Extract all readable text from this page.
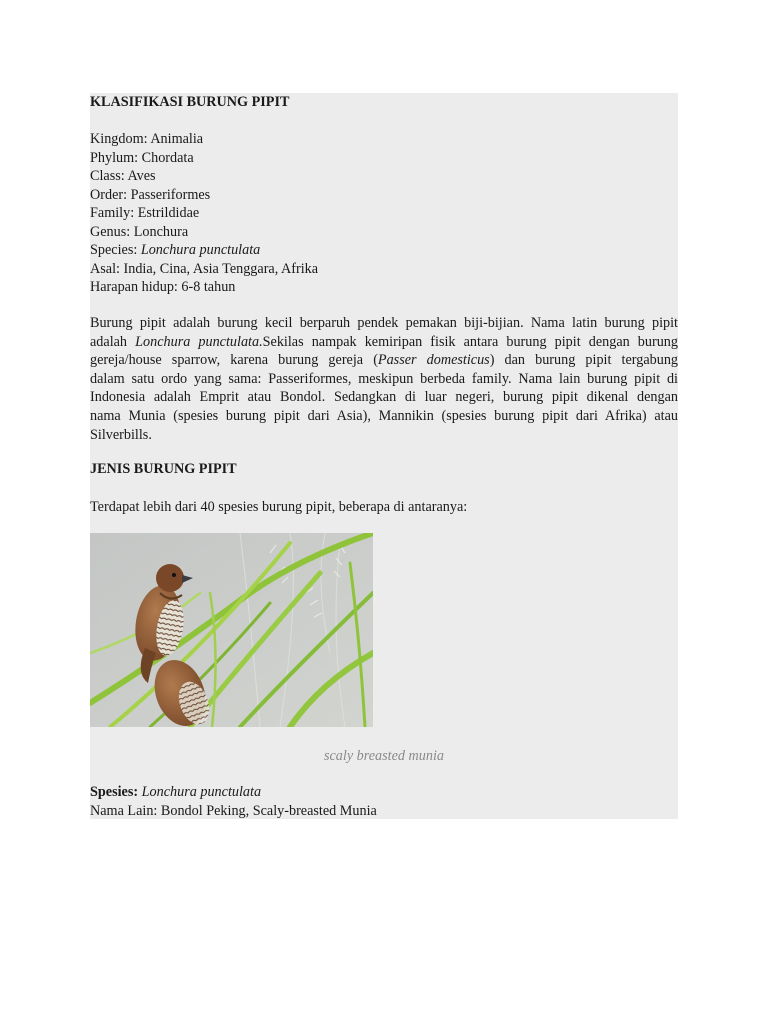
KLASIFIKASI BURUNG PIPIT
Kingdom: Animalia
Phylum: Chordata
Class: Aves
Order: Passeriformes
Family: Estrildidae
Genus: Lonchura
Species: Lonchura punctulata
Asal: India, Cina, Asia Tenggara, Afrika
Harapan hidup: 6-8 tahun
Burung pipit adalah burung kecil berparuh pendek pemakan biji-bijian. Nama latin burung pipit
adalah Lonchura punctulata.Sekilas nampak kemiripan fisik antara burung pipit dengan burung
gereja/house sparrow, karena burung gereja (Passer domesticus) dan burung pipit tergabung
dalam satu ordo yang sama: Passeriformes, meskipun berbeda family. Nama lain burung pipit di
Indonesia adalah Emprit atau Bondol. Sedangkan di luar negeri, burung pipit dikenal dengan
nama Munia (spesies burung pipit dari Asia), Mannikin (spesies burung pipit dari Afrika) atau
Silverbills.
JENIS BURUNG PIPIT
Terdapat lebih dari 40 spesies burung pipit, beberapa di antaranya:
scaly breasted munia
Spesies: Lonchura punctulata
Nama Lain: Bondol Peking, Scaly-breasted Munia
